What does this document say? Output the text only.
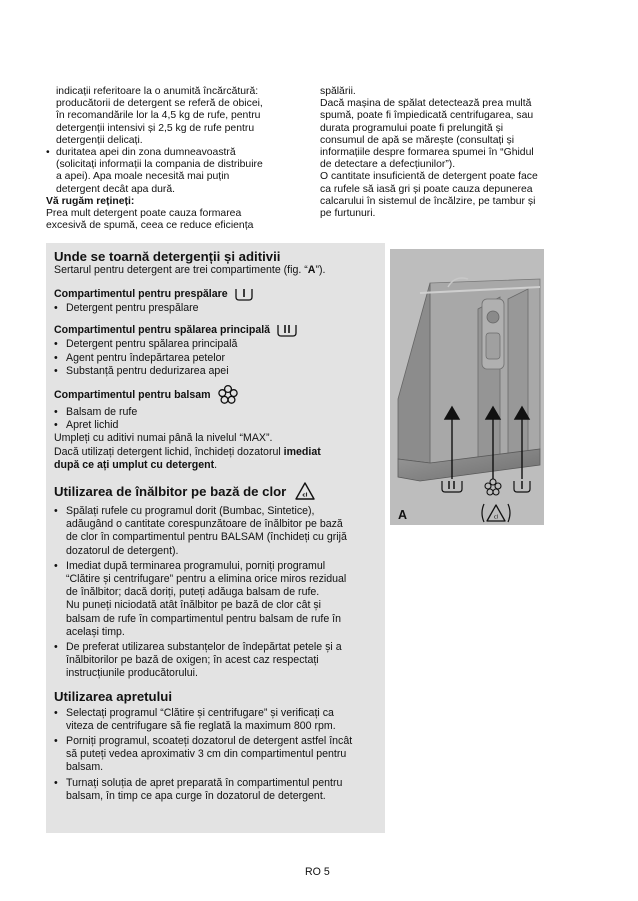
indicații referitoare la o anumită încărcătură:
producătorii de detergent se referă de obicei,
în recomandările lor la 4,5 kg de rufe, pentru
detergenții intensivi și 2,5 kg de rufe pentru
detergenții delicați.
• duritatea apei din zona dumneavoastră
(solicitați informații la compania de distribuire
a apei). Apa moale necesită mai puțin
detergent decât apa dură.
Vă rugăm rețineți:
Prea mult detergent poate cauza formarea
excesivă de spumă, ceea ce reduce eficiența
spălării.
Dacă mașina de spălat detectează prea multă
spumă, poate fi împiedicată centrifugarea, sau
durata programului poate fi prelungită și
consumul de apă se mărește (consultați și
informațiile despre formarea spumei în “Ghidul
de detectare a defecțiunilor”).
O cantitate insuficientă de detergent poate face
ca rufele să iasă gri și poate cauza depunerea
calcarului în sistemul de încălzire, pe tambur și
pe furtunuri.
Unde se toarnă detergenții și aditivii
Sertarul pentru detergent are trei compartimente (fig. “A”).
Compartimentul pentru prespălare
• Detergent pentru prespălare
Compartimentul pentru spălarea principală
• Detergent pentru spălarea principală
• Agent pentru îndepărtarea petelor
• Substanță pentru dedurizarea apei
Compartimentul pentru balsam
• Balsam de rufe
• Apret lichid
Umpleți cu aditivi numai până la nivelul “MAX”.
Dacă utilizați detergent lichid, închideți dozatorul imediat
după ce ați umplut cu detergent.
Utilizarea de înălbitor pe bază de clor	cl
• Spălați rufele cu programul dorit (Bumbac, Sintetice),
adăugând o cantitate corespunzătoare de înălbitor pe bază
de clor în compartimentul pentru BALSAM (închideți cu grijă
dozatorul de detergent).
• Imediat după terminarea programului, porniți programul
“Clătire și centrifugare” pentru a elimina orice miros rezidual
de înălbitor; dacă doriți, puteți adăuga balsam de rufe.
Nu puneți niciodată atât înălbitor pe bază de clor cât și
balsam de rufe în compartimentul pentru balsam de rufe în
același timp.
• De preferat utilizarea substanțelor de îndepărtat petele și a
înălbitorilor pe bază de oxigen; în acest caz respectați
instrucțiunile producătorului.
Utilizarea apretului
• Selectați programul “Clătire și centrifugare” și verificați ca
viteza de centrifugare să fie reglată la maximum 800 rpm.
• Porniți programul, scoateți dozatorul de detergent astfel încât
să puteți vedea aproximativ 3 cm din compartimentul pentru
balsam.
• Turnați soluția de apret preparată în compartimentul pentru
balsam, în timp ce apa curge în dozatorul de detergent.
A	cl
RO 5
